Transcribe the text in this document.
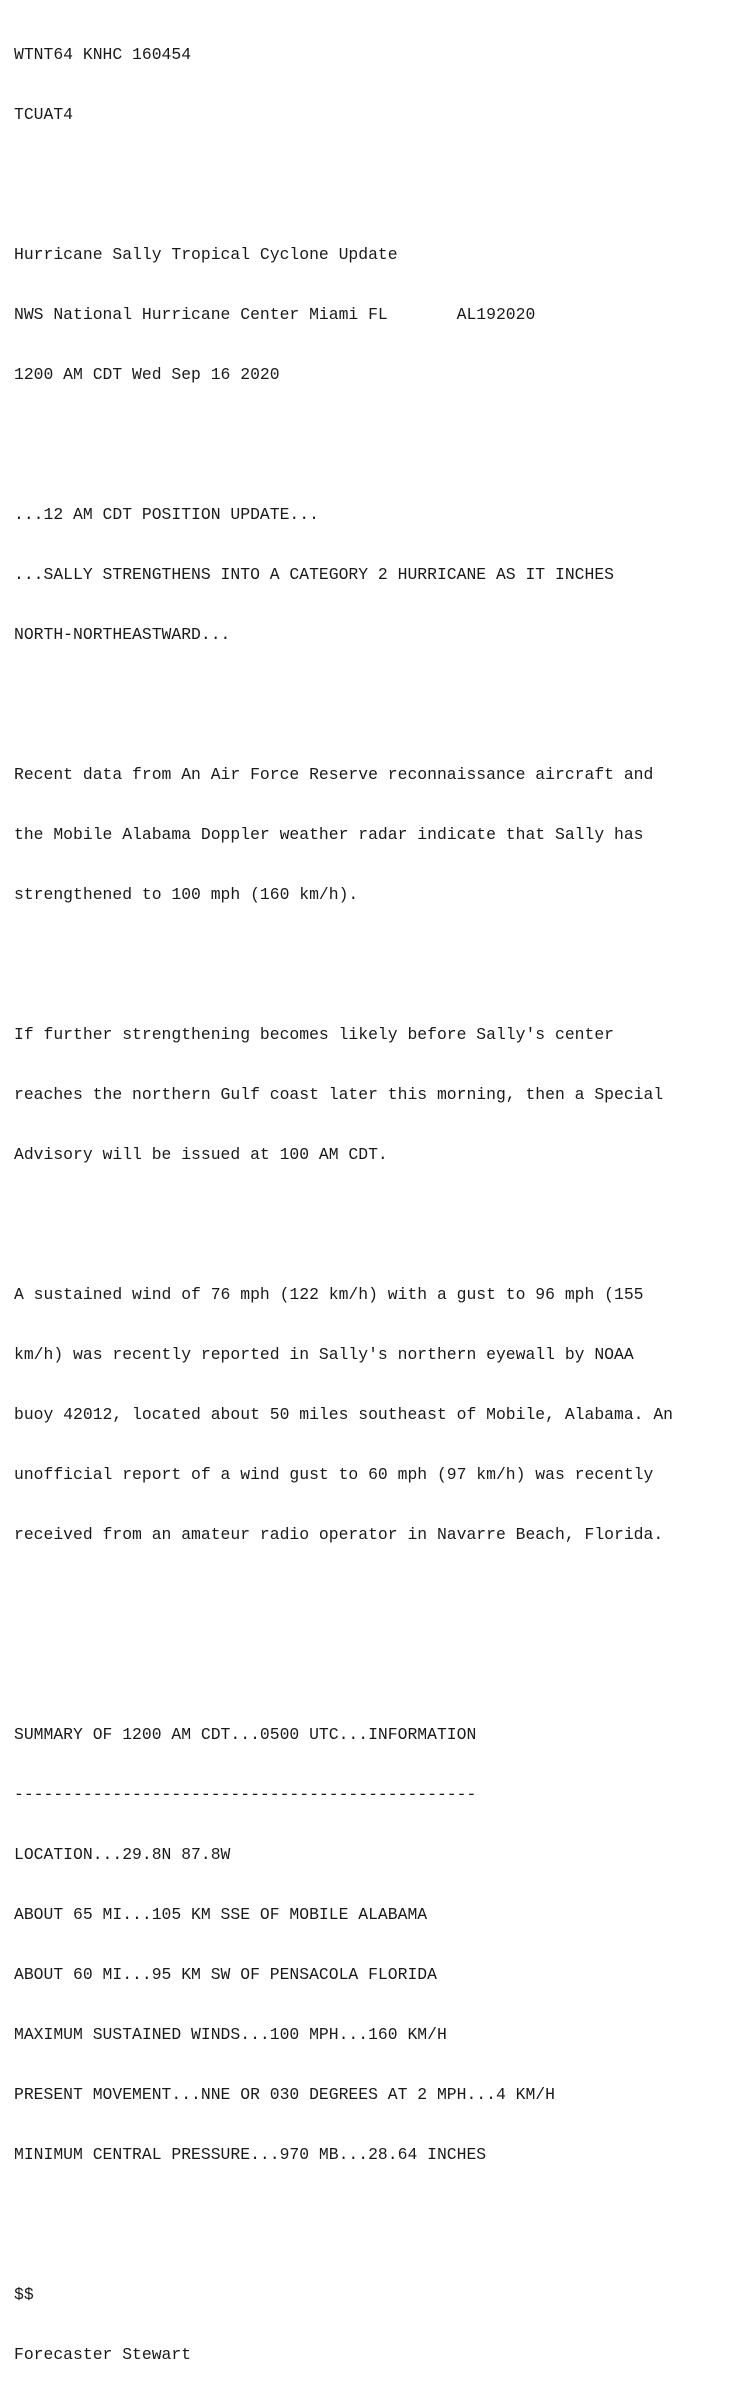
WTNT64 KNHC 160454

TCUAT4

Hurricane Sally Tropical Cyclone Update

NWS National Hurricane Center Miami FL       AL192020

1200 AM CDT Wed Sep 16 2020

...12 AM CDT POSITION UPDATE...

...SALLY STRENGTHENS INTO A CATEGORY 2 HURRICANE AS IT INCHES

NORTH-NORTHEASTWARD...

Recent data from An Air Force Reserve reconnaissance aircraft and

the Mobile Alabama Doppler weather radar indicate that Sally has

strengthened to 100 mph (160 km/h).

If further strengthening becomes likely before Sally's center

reaches the northern Gulf coast later this morning, then a Special

Advisory will be issued at 100 AM CDT.

A sustained wind of 76 mph (122 km/h) with a gust to 96 mph (155

km/h) was recently reported in Sally's northern eyewall by NOAA

buoy 42012, located about 50 miles southeast of Mobile, Alabama. An

unofficial report of a wind gust to 60 mph (97 km/h) was recently

received from an amateur radio operator in Navarre Beach, Florida.

SUMMARY OF 1200 AM CDT...0500 UTC...INFORMATION

-----------------------------------------------

LOCATION...29.8N 87.8W

ABOUT 65 MI...105 KM SSE OF MOBILE ALABAMA

ABOUT 60 MI...95 KM SW OF PENSACOLA FLORIDA

MAXIMUM SUSTAINED WINDS...100 MPH...160 KM/H

PRESENT MOVEMENT...NNE OR 030 DEGREES AT 2 MPH...4 KM/H

MINIMUM CENTRAL PRESSURE...970 MB...28.64 INCHES

$$

Forecaster Stewart
